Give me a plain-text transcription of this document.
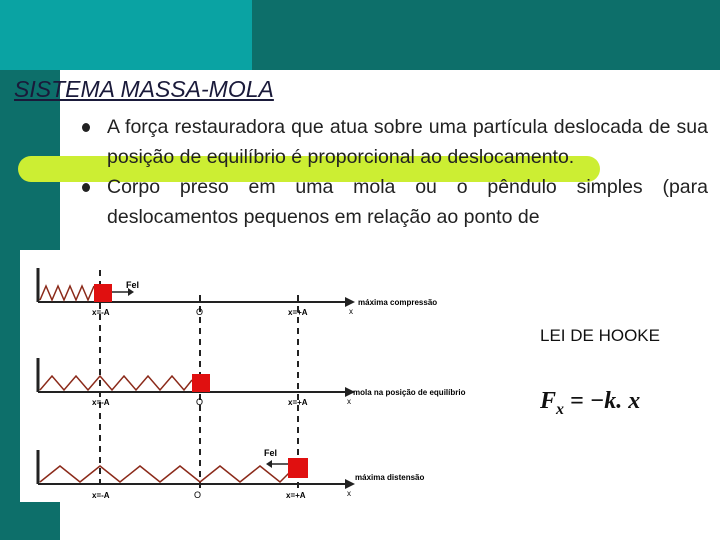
SISTEMA MASSA-MOLA
A força restauradora que atua sobre uma partícula deslocada de sua posição de equilíbrio é proporcional ao deslocamento.
Corpo preso em uma mola ou o pêndulo simples (para deslocamentos pequenos em relação ao ponto de
Fel
x=-A	O	x=+A	x
máxima compressão
x=-A	O	x=+A	x
mola na posição de equilíbrio
Fel
x=-A	O	x=+A	x
máxima distensão
LEI DE HOOKE
$F_x = -k$. x
